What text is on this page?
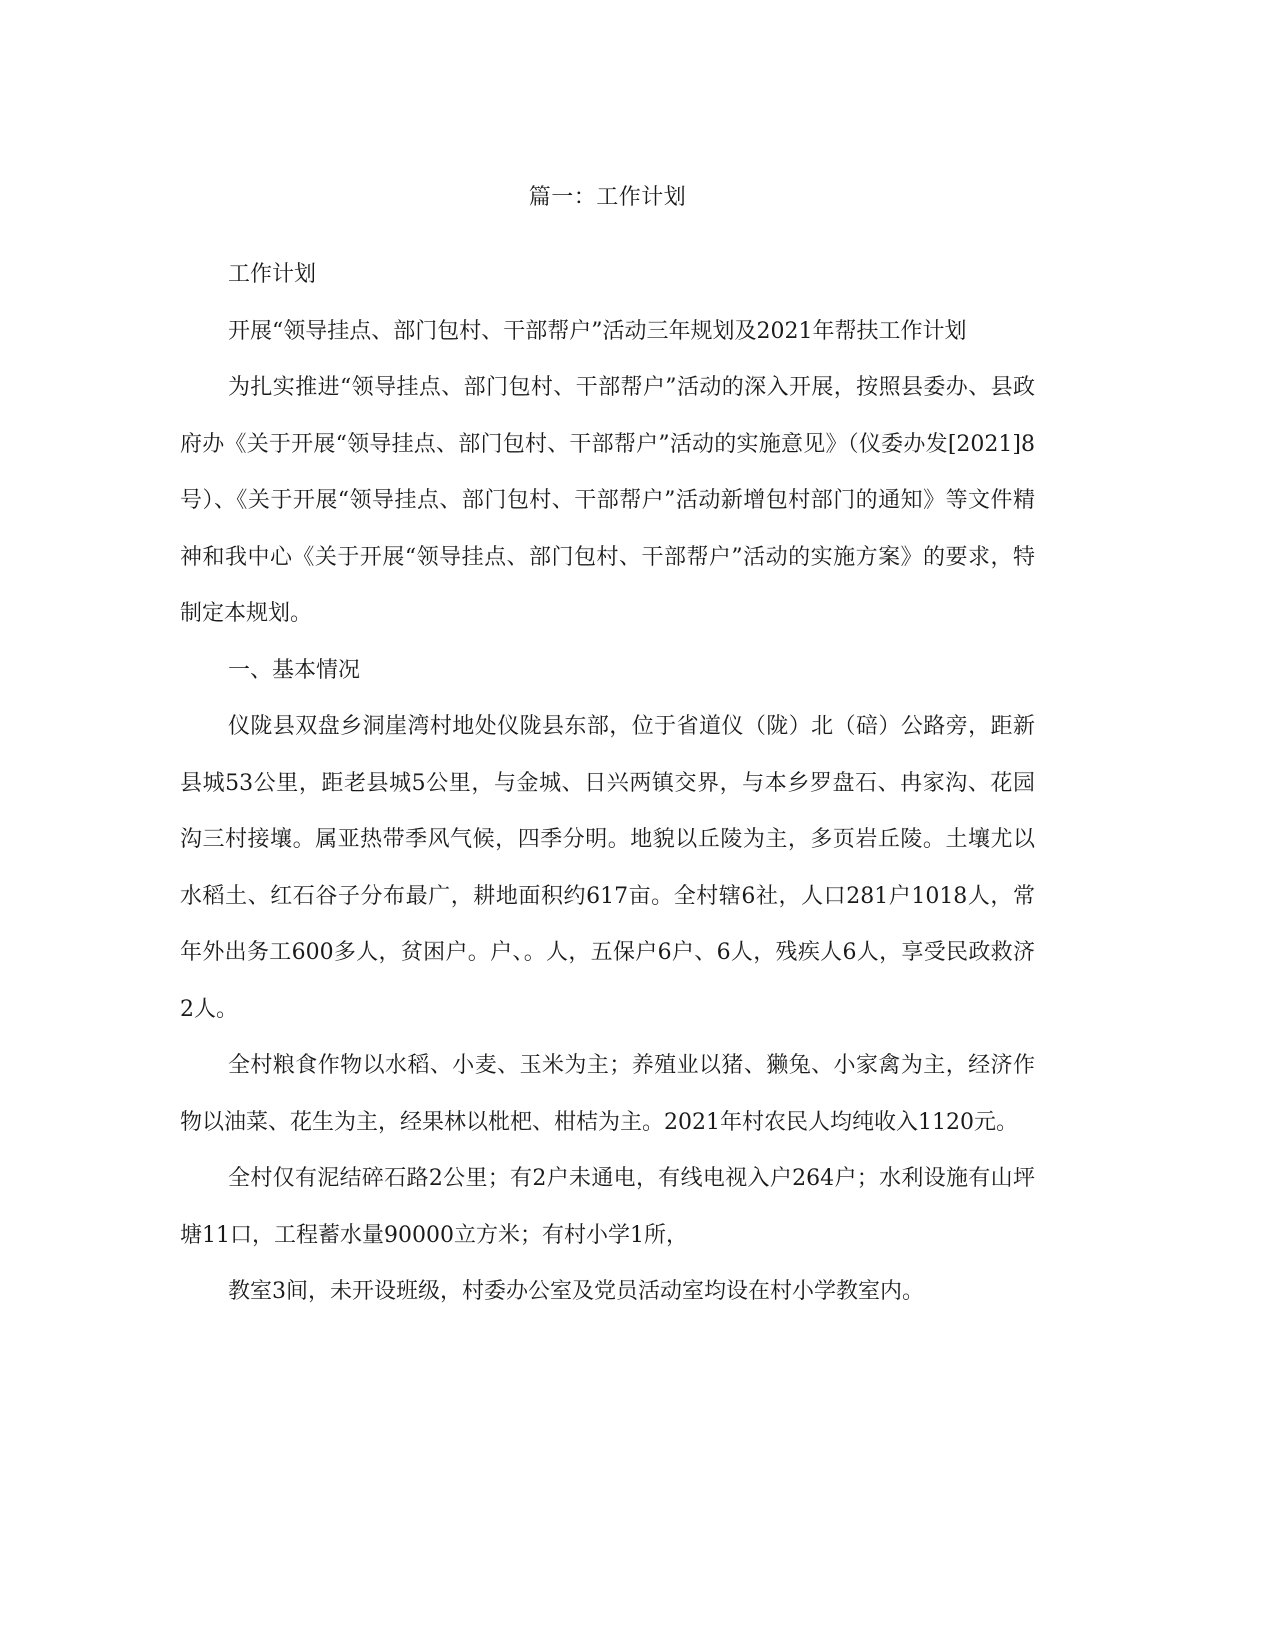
篇一：工作计划

工作计划

开展“领导挂点、部门包村、干部帮户”活动三年规划及2021年帮扶工作计划

为扎实推进“领导挂点、部门包村、干部帮户”活动的深入开展，按照县委办、县政府办《关于开展“领导挂点、部门包村、干部帮户”活动的实施意见》（仪委办发[2021]8号）、《关于开展“领导挂点、部门包村、干部帮户”活动新增包村部门的通知》等文件精神和我中心《关于开展“领导挂点、部门包村、干部帮户”活动的实施方案》的要求，特制定本规划。

一、基本情况

仪陇县双盘乡洞崖湾村地处仪陇县东部，位于省道仪（陇）北（碚）公路旁，距新县城53公里，距老县城5公里，与金城、日兴两镇交界，与本乡罗盘石、冉家沟、花园沟三村接壤。属亚热带季风气候，四季分明。地貌以丘陵为主，多页岩丘陵。土壤尤以水稻土、红石谷子分布最广，耕地面积约617亩。全村辖6社，人口281户1018人，常年外出务工600多人，贫困户。户、。人，五保户6户、6人，残疾人6人，享受民政救济2人。

全村粮食作物以水稻、小麦、玉米为主；养殖业以猪、獭兔、小家禽为主，经济作物以油菜、花生为主，经果林以枇杷、柑桔为主。2021年村农民人均纯收入1120元。

全村仅有泥结碎石路2公里；有2户未通电，有线电视入户264户；水利设施有山坪塘11口，工程蓄水量90000立方米；有村小学1所，

教室3间，未开设班级，村委办公室及党员活动室均设在村小学教室内。
